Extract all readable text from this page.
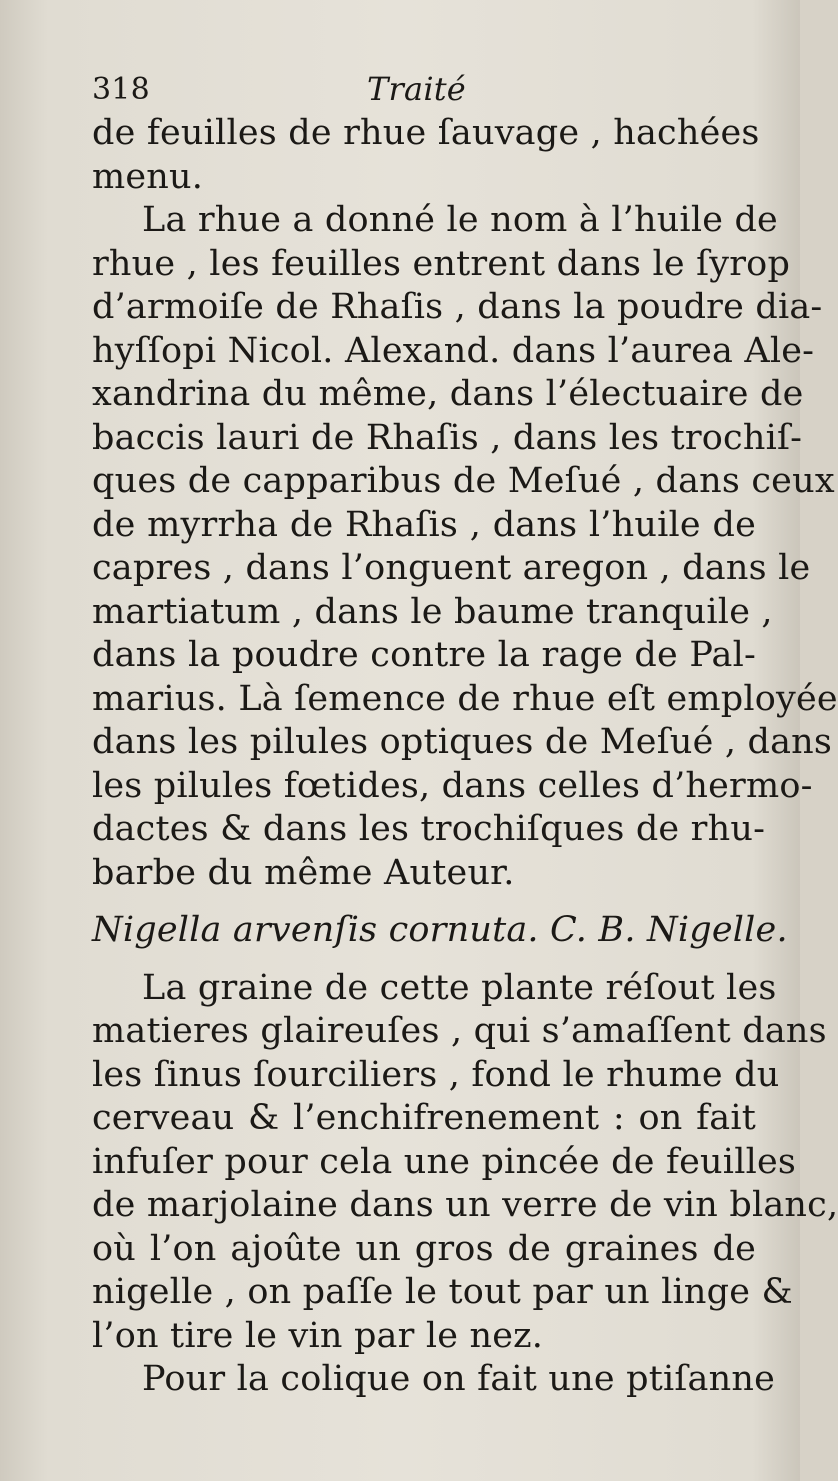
318	Traité
de feuilles de rhue ſauvage , hachées
menu.
La rhue a donné le nom à l’huile de
rhue , les feuilles entrent dans le ſyrop
d’armoiſe de Rhaſis , dans la poudre dia-
hyſſopi Nicol. Alexand. dans l’aurea Ale-
xandrina du même, dans l’électuaire de
baccis lauri de Rhaſis , dans les trochiſ-
ques de capparibus de Meſué , dans ceux
de myrrha de Rhaſis , dans l’huile de
capres , dans l’onguent aregon , dans le
martiatum , dans le baume tranquile ,
dans la poudre contre la rage de Pal-
marius. Là ſemence de rhue eſt employée
dans les pilules optiques de Meſué , dans
les pilules fœtides, dans celles d’hermo-
dactes & dans les trochiſques de rhu-
barbe du même Auteur.
Nigella arvenſis cornuta. C. B. Nigelle.
La graine de cette plante réſout les
matieres glaireuſes , qui s’amaſſent dans
les ſinus ſourciliers , fond le rhume du
cerveau & l’enchifrenement : on fait
infuſer pour cela une pincée de feuilles
de marjolaine dans un verre de vin blanc,
où l’on ajoûte un gros de graines de
nigelle , on paſſe le tout par un linge &
l’on tire le vin par le nez.
Pour la colique on fait une ptiſanne
